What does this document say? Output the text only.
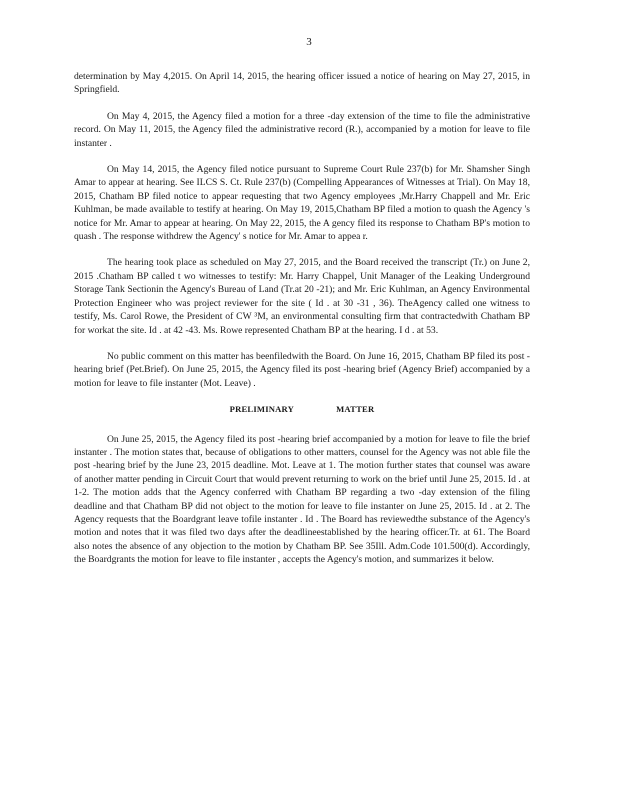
3

determination by May 4,2015. On April 14, 2015, the hearing officer issued a notice of hearing on May 27, 2015, in Springfield.

On May 4, 2015, the Agency filed a motion for a three -day extension of the time to file the administrative record. On May 11, 2015, the Agency filed the administrative record (R.), accompanied by a motion for leave to file instanter .

On May 14, 2015, the Agency filed notice pursuant to Supreme Court Rule 237(b) for Mr. Shamsher Singh Amar to appear at hearing. See ILCS S. Ct. Rule 237(b) (Compelling Appearances of Witnesses at Trial). On May 18, 2015, Chatham BP filed notice to appear requesting that two Agency employees ,Mr.Harry Chappell and Mr. Eric Kuhlman, be made available to testify at hearing. On May 19, 2015,Chatham BP filed a motion to quash the Agency 's notice for Mr. Amar to appear at hearing. On May 22, 2015, the A gency filed its response to Chatham BP's motion to quash . The response withdrew the Agency' s notice for Mr. Amar to appea r.

The hearing took place as scheduled on May 27, 2015, and the Board received the transcript (Tr.) on June 2, 2015 .Chatham BP called t wo witnesses to testify: Mr. Harry Chappel, Unit Manager of the Leaking Underground Storage Tank Sectionin the Agency's Bureau of Land (Tr.at 20 -21); and Mr. Eric Kuhlman, an Agency Environmental Protection Engineer who was project reviewer for the site ( Id . at 30 -31 , 36). TheAgency called one witness to testify, Ms. Carol Rowe, the President of CW ³M, an environmental consulting firm that contractedwith Chatham BP for workat the site. Id . at 42 -43. Ms. Rowe represented Chatham BP at the hearing. I d . at 53.

No public comment on this matter has beenfiledwith the Board. On June 16, 2015, Chatham BP filed its post -hearing brief (Pet.Brief). On June 25, 2015, the Agency filed its post -hearing brief (Agency Brief) accompanied by a motion for leave to file instanter (Mot. Leave) .

PRELIMINARY	MATTER

On June 25, 2015, the Agency filed its post -hearing brief accompanied by a motion for leave to file the brief instanter . The motion states that, because of obligations to other matters, counsel for the Agency was not able file the post -hearing brief by the June 23, 2015 deadline. Mot. Leave at 1. The motion further states that counsel was aware of another matter pending in Circuit Court that would prevent returning to work on the brief until June 25, 2015. Id . at 1-2. The motion adds that the Agency conferred with Chatham BP regarding a two -day extension of the filing deadline and that Chatham BP did not object to the motion for leave to file instanter on June 25, 2015. Id . at 2. The Agency requests that the Boardgrant leave tofile instanter . Id . The Board has reviewedthe substance of the Agency's motion and notes that it was filed two days after the deadlineestablished by the hearing officer.Tr. at 61. The Board also notes the absence of any objection to the motion by Chatham BP. See 35Ill. Adm.Code 101.500(d). Accordingly, the Boardgrants the motion for leave to file instanter , accepts the Agency's motion, and summarizes it below.
